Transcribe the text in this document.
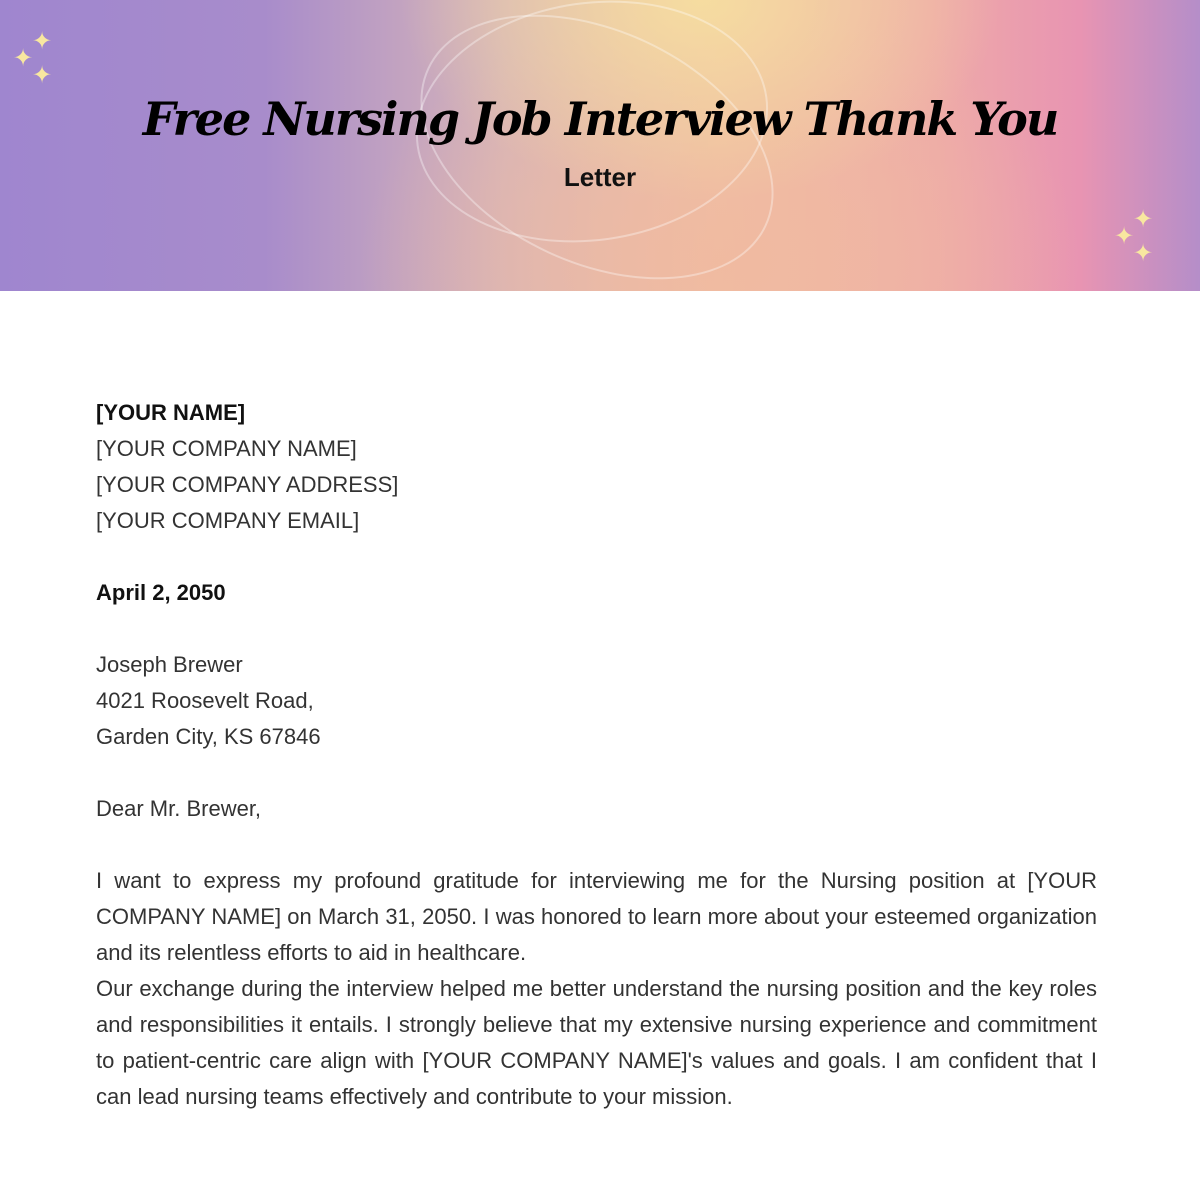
✦
✦
✦
✦
✦
✦
Free Nursing Job Interview Thank You
Letter

[YOUR NAME]

[YOUR COMPANY NAME]

[YOUR COMPANY ADDRESS]

[YOUR COMPANY EMAIL]

April 2, 2050

Joseph Brewer

4021 Roosevelt Road,

Garden City, KS 67846

Dear Mr. Brewer,

I want to express my profound gratitude for interviewing me for the Nursing position at [YOUR COMPANY NAME] on March 31, 2050. I was honored to learn more about your esteemed organization and its relentless efforts to aid in healthcare.

Our exchange during the interview helped me better understand the nursing position and the key roles and responsibilities it entails. I strongly believe that my extensive nursing experience and commitment to patient-centric care align with [YOUR COMPANY NAME]'s values and goals. I am confident that I can lead nursing teams effectively and contribute to your mission.
